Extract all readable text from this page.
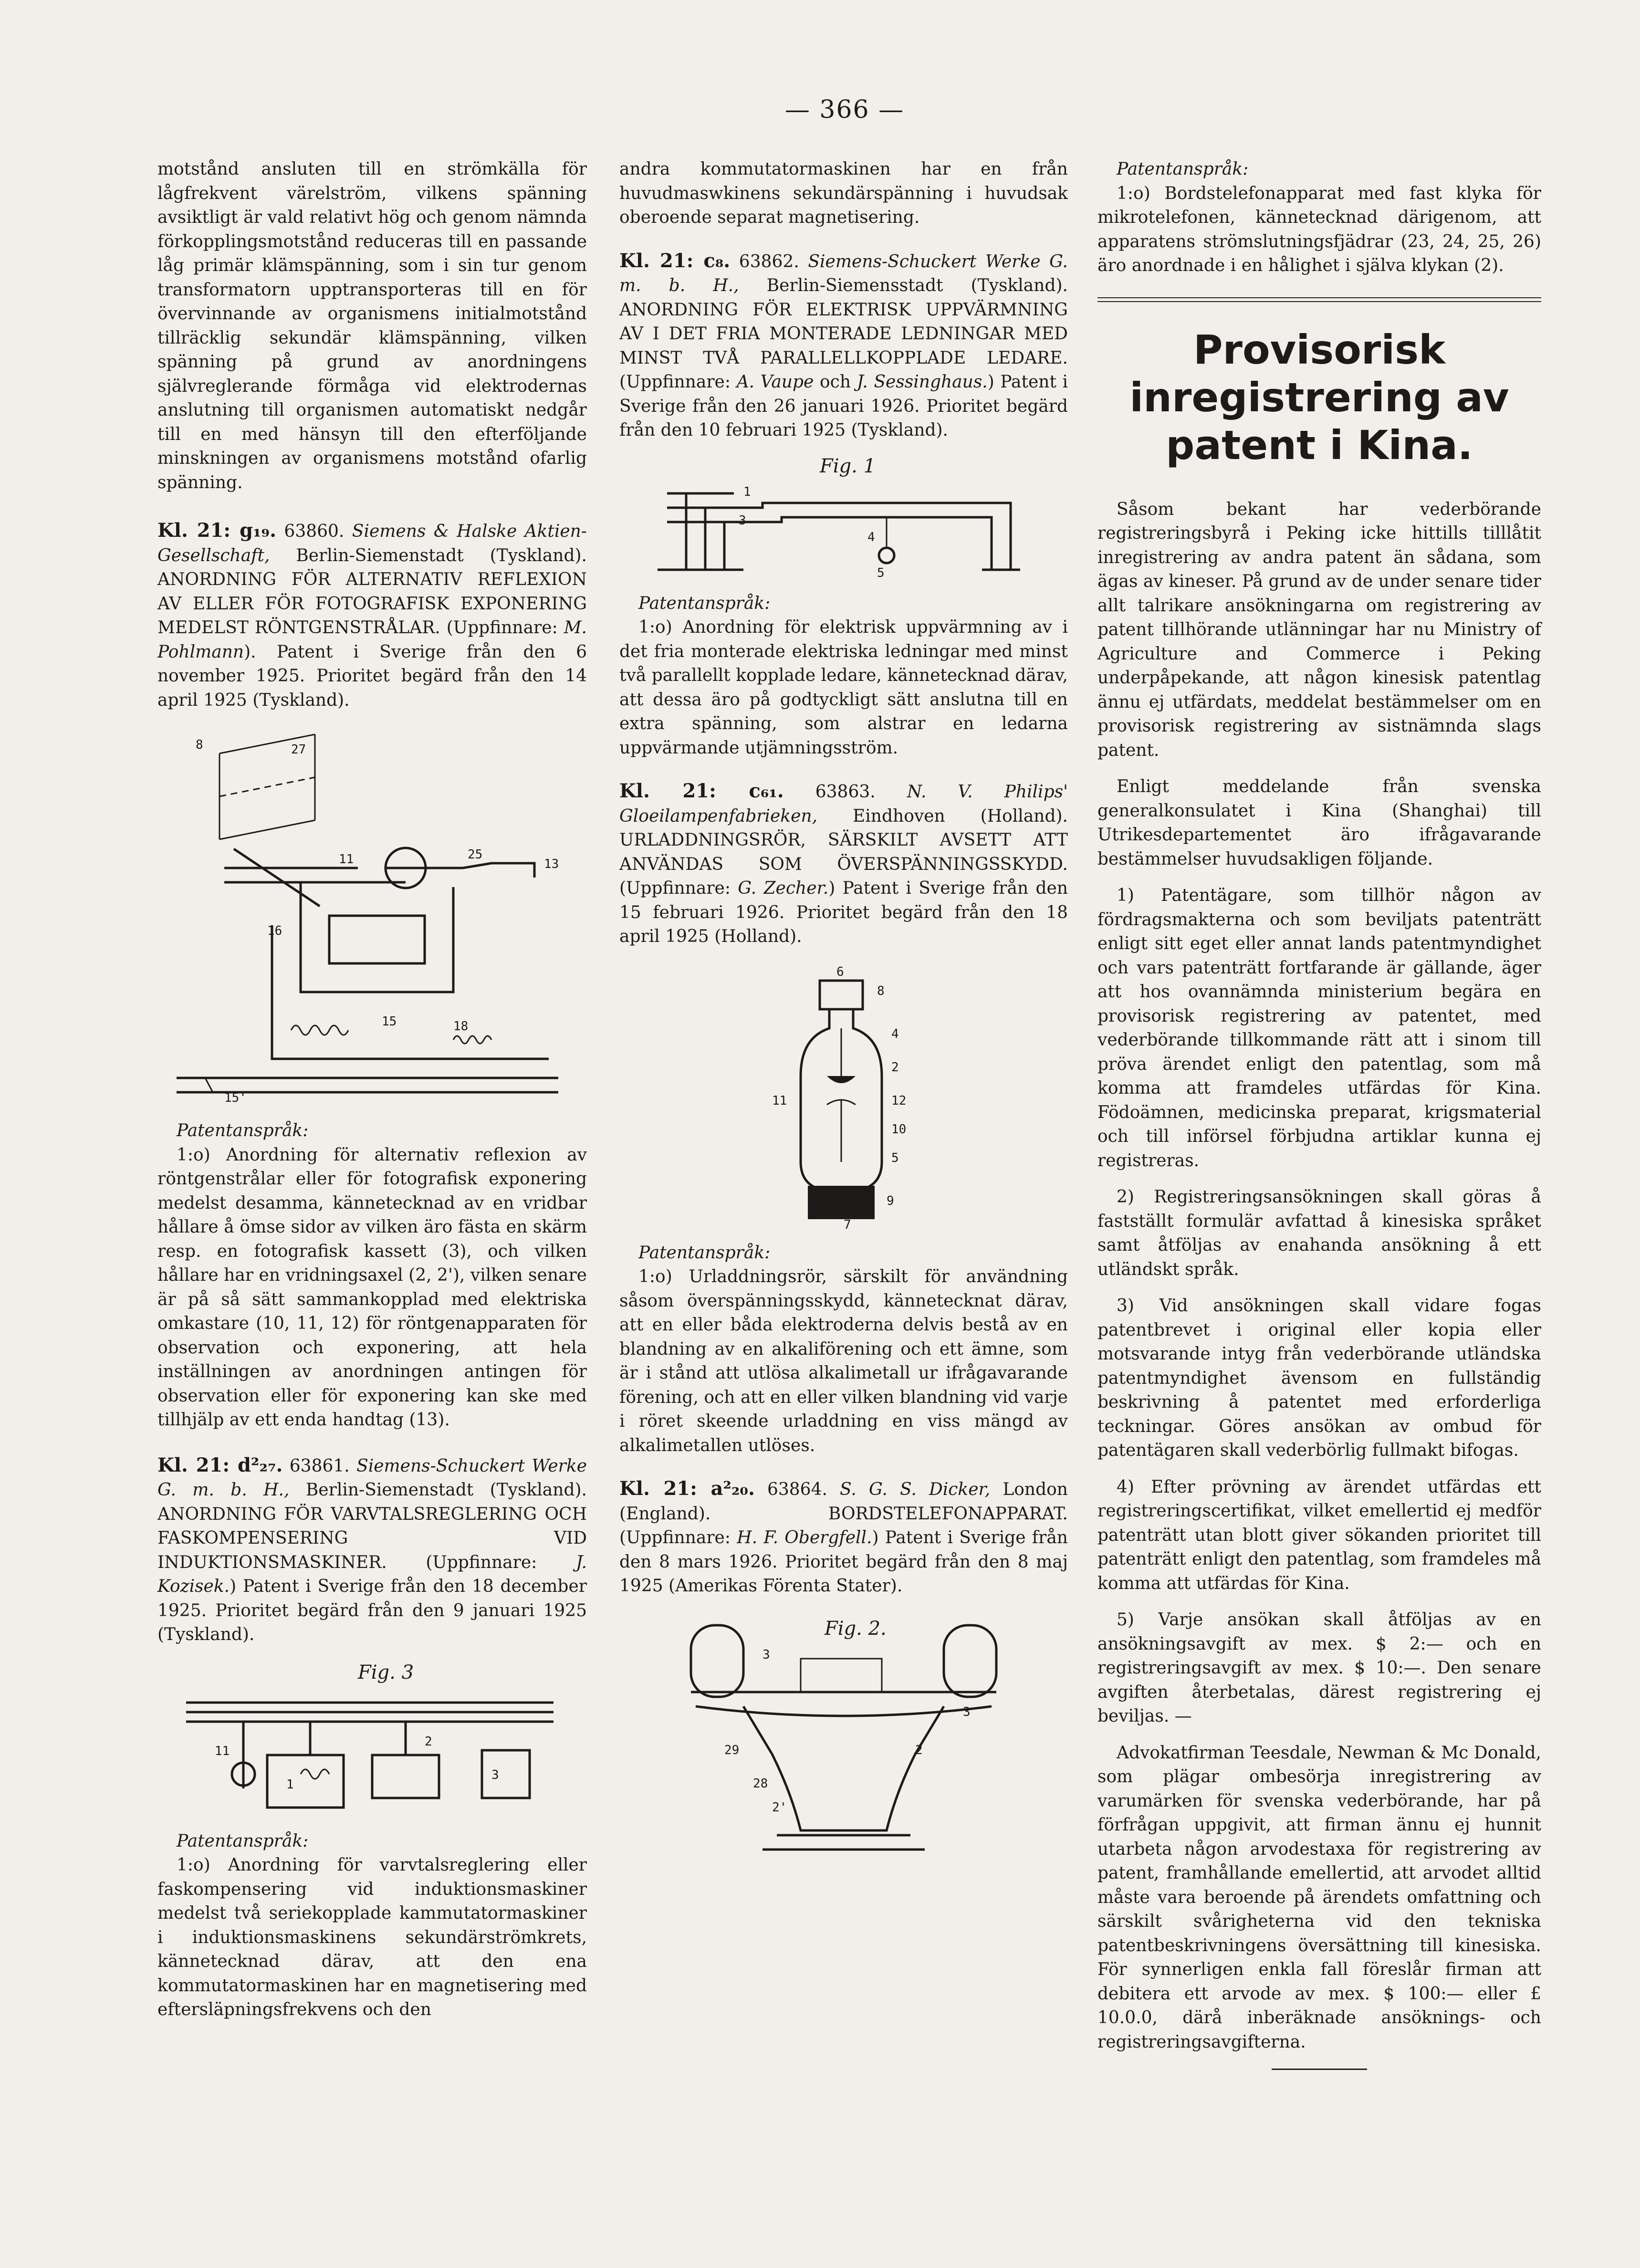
— 366 —

motstånd ansluten till en strömkälla för lågfrekvent värelström, vilkens spänning avsiktligt är vald relativt hög och genom nämnda förkopplingsmotstånd reduceras till en passande låg primär klämspänning, som i sin tur genom transformatorn upptransporteras till en för övervinnande av organismens initialmotstånd tillräcklig sekundär klämspänning, vilken spänning på grund av anordningens självreglerande förmåga vid elektrodernas anslutning till organismen automatiskt nedgår till en med hänsyn till den efterföljande minskningen av organismens motstånd ofarlig spänning.

Kl. 21: g₁₉. 63860. Siemens & Halske Aktien-Gesellschaft, Berlin-Siemenstadt (Tyskland). ANORDNING FÖR ALTERNATIV REFLEXION AV ELLER FÖR FOTOGRAFISK EXPONERING MEDELST RÖNTGENSTRÅLAR. (Uppfinnare: M. Pohlmann). Patent i Sverige från den 6 november 1925. Prioritet begärd från den 14 april 1925 (Tyskland).

8	27
11	25
13
16
15	18
15'

Patentanspråk:

1:o) Anordning för alternativ reflexion av röntgenstrålar eller för fotografisk exponering medelst desamma, kännetecknad av en vridbar hållare å ömse sidor av vilken äro fästa en skärm resp. en fotografisk kassett (3), och vilken hållare har en vridningsaxel (2, 2'), vilken senare är på så sätt sammankopplad med elektriska omkastare (10, 11, 12) för röntgenapparaten för observation och exponering, att hela inställningen av anordningen antingen för observation eller för exponering kan ske med tillhjälp av ett enda handtag (13).

Kl. 21: d²₂₇. 63861. Siemens-Schuckert Werke G. m. b. H., Berlin-Siemenstadt (Tyskland). ANORDNING FÖR VARVTALSREGLERING OCH FASKOMPENSERING VID INDUKTIONSMASKINER. (Uppfinnare: J. Kozisek.) Patent i Sverige från den 18 december 1925. Prioritet begärd från den 9 januari 1925 (Tyskland).

Fig. 3
1
3
11
2

Patentanspråk:

1:o) Anordning för varvtalsreglering eller faskompensering vid induktionsmaskiner medelst två seriekopplade kammutatormaskiner i induktionsmaskinens sekundärströmkrets, kännetecknad därav, att den ena kommutatormaskinen har en magnetisering med eftersläpningsfrekvens och den

andra kommutatormaskinen har en från huvudmaswkinens sekundärspänning i huvudsak oberoende separat magnetisering.

Kl. 21: c₈. 63862. Siemens-Schuckert Werke G. m. b. H., Berlin-Siemensstadt (Tyskland). ANORDNING FÖR ELEKTRISK UPPVÄRMNING AV I DET FRIA MONTERADE LEDNINGAR MED MINST TVÅ PARALLELLKOPPLADE LEDARE. (Uppfinnare: A. Vaupe och J. Sessinghaus.) Patent i Sverige från den 26 januari 1926. Prioritet begärd från den 10 februari 1925 (Tyskland).

Fig. 1
1
3
4
5

Patentanspråk:

1:o) Anordning för elektrisk uppvärmning av i det fria monterade elektriska ledningar med minst två parallellt kopplade ledare, kännetecknad därav, att dessa äro på godtyckligt sätt anslutna till en extra spänning, som alstrar en ledarna uppvärmande utjämningsström.

Kl. 21: c₆₁. 63863. N. V. Philips' Gloeilampenfabrieken, Eindhoven (Holland). URLADDNINGSRÖR, SÄRSKILT AVSETT ATT ANVÄNDAS SOM ÖVERSPÄNNINGSSKYDD. (Uppfinnare: G. Zecher.) Patent i Sverige från den 15 februari 1926. Prioritet begärd från den 18 april 1925 (Holland).

6
8
4
2
12
11
10
5
9
7

Patentanspråk:

1:o) Urladdningsrör, särskilt för användning såsom överspänningsskydd, kännetecknat därav, att en eller båda elektroderna delvis bestå av en blandning av en alkaliförening och ett ämne, som är i stånd att utlösa alkalimetall ur ifrågavarande förening, och att en eller vilken blandning vid varje i röret skeende urladdning en viss mängd av alkalimetallen utlöses.

Kl. 21: a²₂₀. 63864. S. G. S. Dicker, London (England). BORDSTELEFONAPPARAT. (Uppfinnare: H. F. Obergfell.) Patent i Sverige från den 8 mars 1926. Prioritet begärd från den 8 maj 1925 (Amerikas Förenta Stater).

Fig. 2.
29
28
2'
2
3
3

Patentanspråk:

1:o) Bordstelefonapparat med fast klyka för mikrotelefonen, kännetecknad därigenom, att apparatens strömslutningsfjädrar (23, 24, 25, 26) äro anordnade i en hålighet i själva klykan (2).

Provisorisk inregistrering av patent i Kina.

Såsom bekant har vederbörande registreringsbyrå i Peking icke hittills tilllåtit inregistrering av andra patent än sådana, som ägas av kineser. På grund av de under senare tider allt talrikare ansökningarna om registrering av patent tillhörande utlänningar har nu Ministry of Agriculture and Commerce i Peking underpåpekande, att någon kinesisk patentlag ännu ej utfärdats, meddelat bestämmelser om en provisorisk registrering av sistnämnda slags patent.

Enligt meddelande från svenska generalkonsulatet i Kina (Shanghai) till Utrikesdepartementet äro ifrågavarande bestämmelser huvudsakligen följande.

1) Patentägare, som tillhör någon av fördragsmakterna och som beviljats patenträtt enligt sitt eget eller annat lands patentmyndighet och vars patenträtt fortfarande är gällande, äger att hos ovannämnda ministerium begära en provisorisk registrering av patentet, med vederbörande tillkommande rätt att i sinom till pröva ärendet enligt den patentlag, som må komma att framdeles utfärdas för Kina. Födoämnen, medicinska preparat, krigsmaterial och till införsel förbjudna artiklar kunna ej registreras.

2) Registreringsansökningen skall göras å fastställt formulär avfattad å kinesiska språket samt åtföljas av enahanda ansökning å ett utländskt språk.

3) Vid ansökningen skall vidare fogas patentbrevet i original eller kopia eller motsvarande intyg från vederbörande utländska patentmyndighet ävensom en fullständig beskrivning å patentet med erforderliga teckningar. Göres ansökan av ombud för patentägaren skall vederbörlig fullmakt bifogas.

4) Efter prövning av ärendet utfärdas ett registreringscertifikat, vilket emellertid ej medför patenträtt utan blott giver sökanden prioritet till patenträtt enligt den patentlag, som framdeles må komma att utfärdas för Kina.

5) Varje ansökan skall åtföljas av en ansökningsavgift av mex. $ 2:— och en registreringsavgift av mex. $ 10:—. Den senare avgiften återbetalas, därest registrering ej beviljas. —

Advokatfirman Teesdale, Newman & Mc Donald, som plägar ombesörja inregistrering av varumärken för svenska vederbörande, har på förfrågan uppgivit, att firman ännu ej hunnit utarbeta någon arvodestaxa för registrering av patent, framhållande emellertid, att arvodet alltid måste vara beroende på ärendets omfattning och särskilt svårigheterna vid den tekniska patentbeskrivningens översättning till kinesiska. För synnerligen enkla fall föreslår firman att debitera ett arvode av mex. $ 100:— eller £ 10.0.0, därå inberäknade ansöknings- och registreringsavgifterna.
